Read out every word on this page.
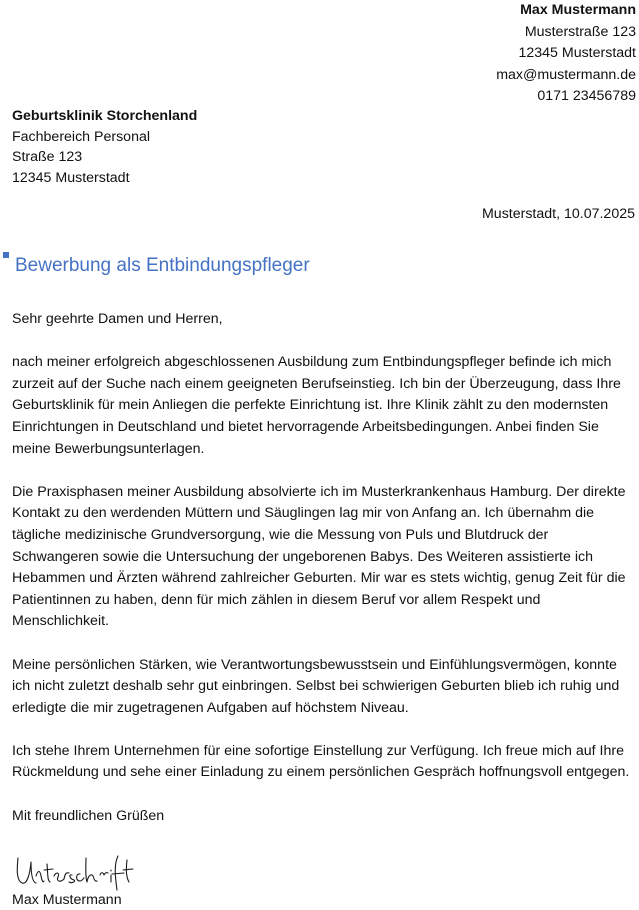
Max Mustermann
Musterstraße 123
12345 Musterstadt
max@mustermann.de
0171 23456789
Geburtsklinik Storchenland
Fachbereich Personal
Straße 123
12345 Musterstadt
Musterstadt, 10.07.2025
Bewerbung als Entbindungspfleger

Sehr geehrte Damen und Herren,

nach meiner erfolgreich abgeschlossenen Ausbildung zum Entbindungspfleger befinde ich mich zurzeit auf der Suche nach einem geeigneten Berufseinstieg. Ich bin der Überzeugung, dass Ihre Geburtsklinik für mein Anliegen die perfekte Einrichtung ist. Ihre Klinik zählt zu den modernsten Einrichtungen in Deutschland und bietet hervorragende Arbeitsbedingungen. Anbei finden Sie meine Bewerbungsunterlagen.

Die Praxisphasen meiner Ausbildung absolvierte ich im Musterkrankenhaus Hamburg. Der direkte Kontakt zu den werdenden Müttern und Säuglingen lag mir von Anfang an. Ich übernahm die tägliche medizinische Grundversorgung, wie die Messung von Puls und Blutdruck der Schwangeren sowie die Untersuchung der ungeborenen Babys. Des Weiteren assistierte ich Hebammen und Ärzten während zahlreicher Geburten. Mir war es stets wichtig, genug Zeit für die Patientinnen zu haben, denn für mich zählen in diesem Beruf vor allem Respekt und Menschlichkeit.

Meine persönlichen Stärken, wie Verantwortungsbewusstsein und Einfühlungsvermögen, konnte ich nicht zuletzt deshalb sehr gut einbringen. Selbst bei schwierigen Geburten blieb ich ruhig und erledigte die mir zugetragenen Aufgaben auf höchstem Niveau.

Ich stehe Ihrem Unternehmen für eine sofortige Einstellung zur Verfügung. Ich freue mich auf Ihre Rückmeldung und sehe einer Einladung zu einem persönlichen Gespräch hoffnungsvoll entgegen.

Mit freundlichen Grüßen

Max Mustermann
